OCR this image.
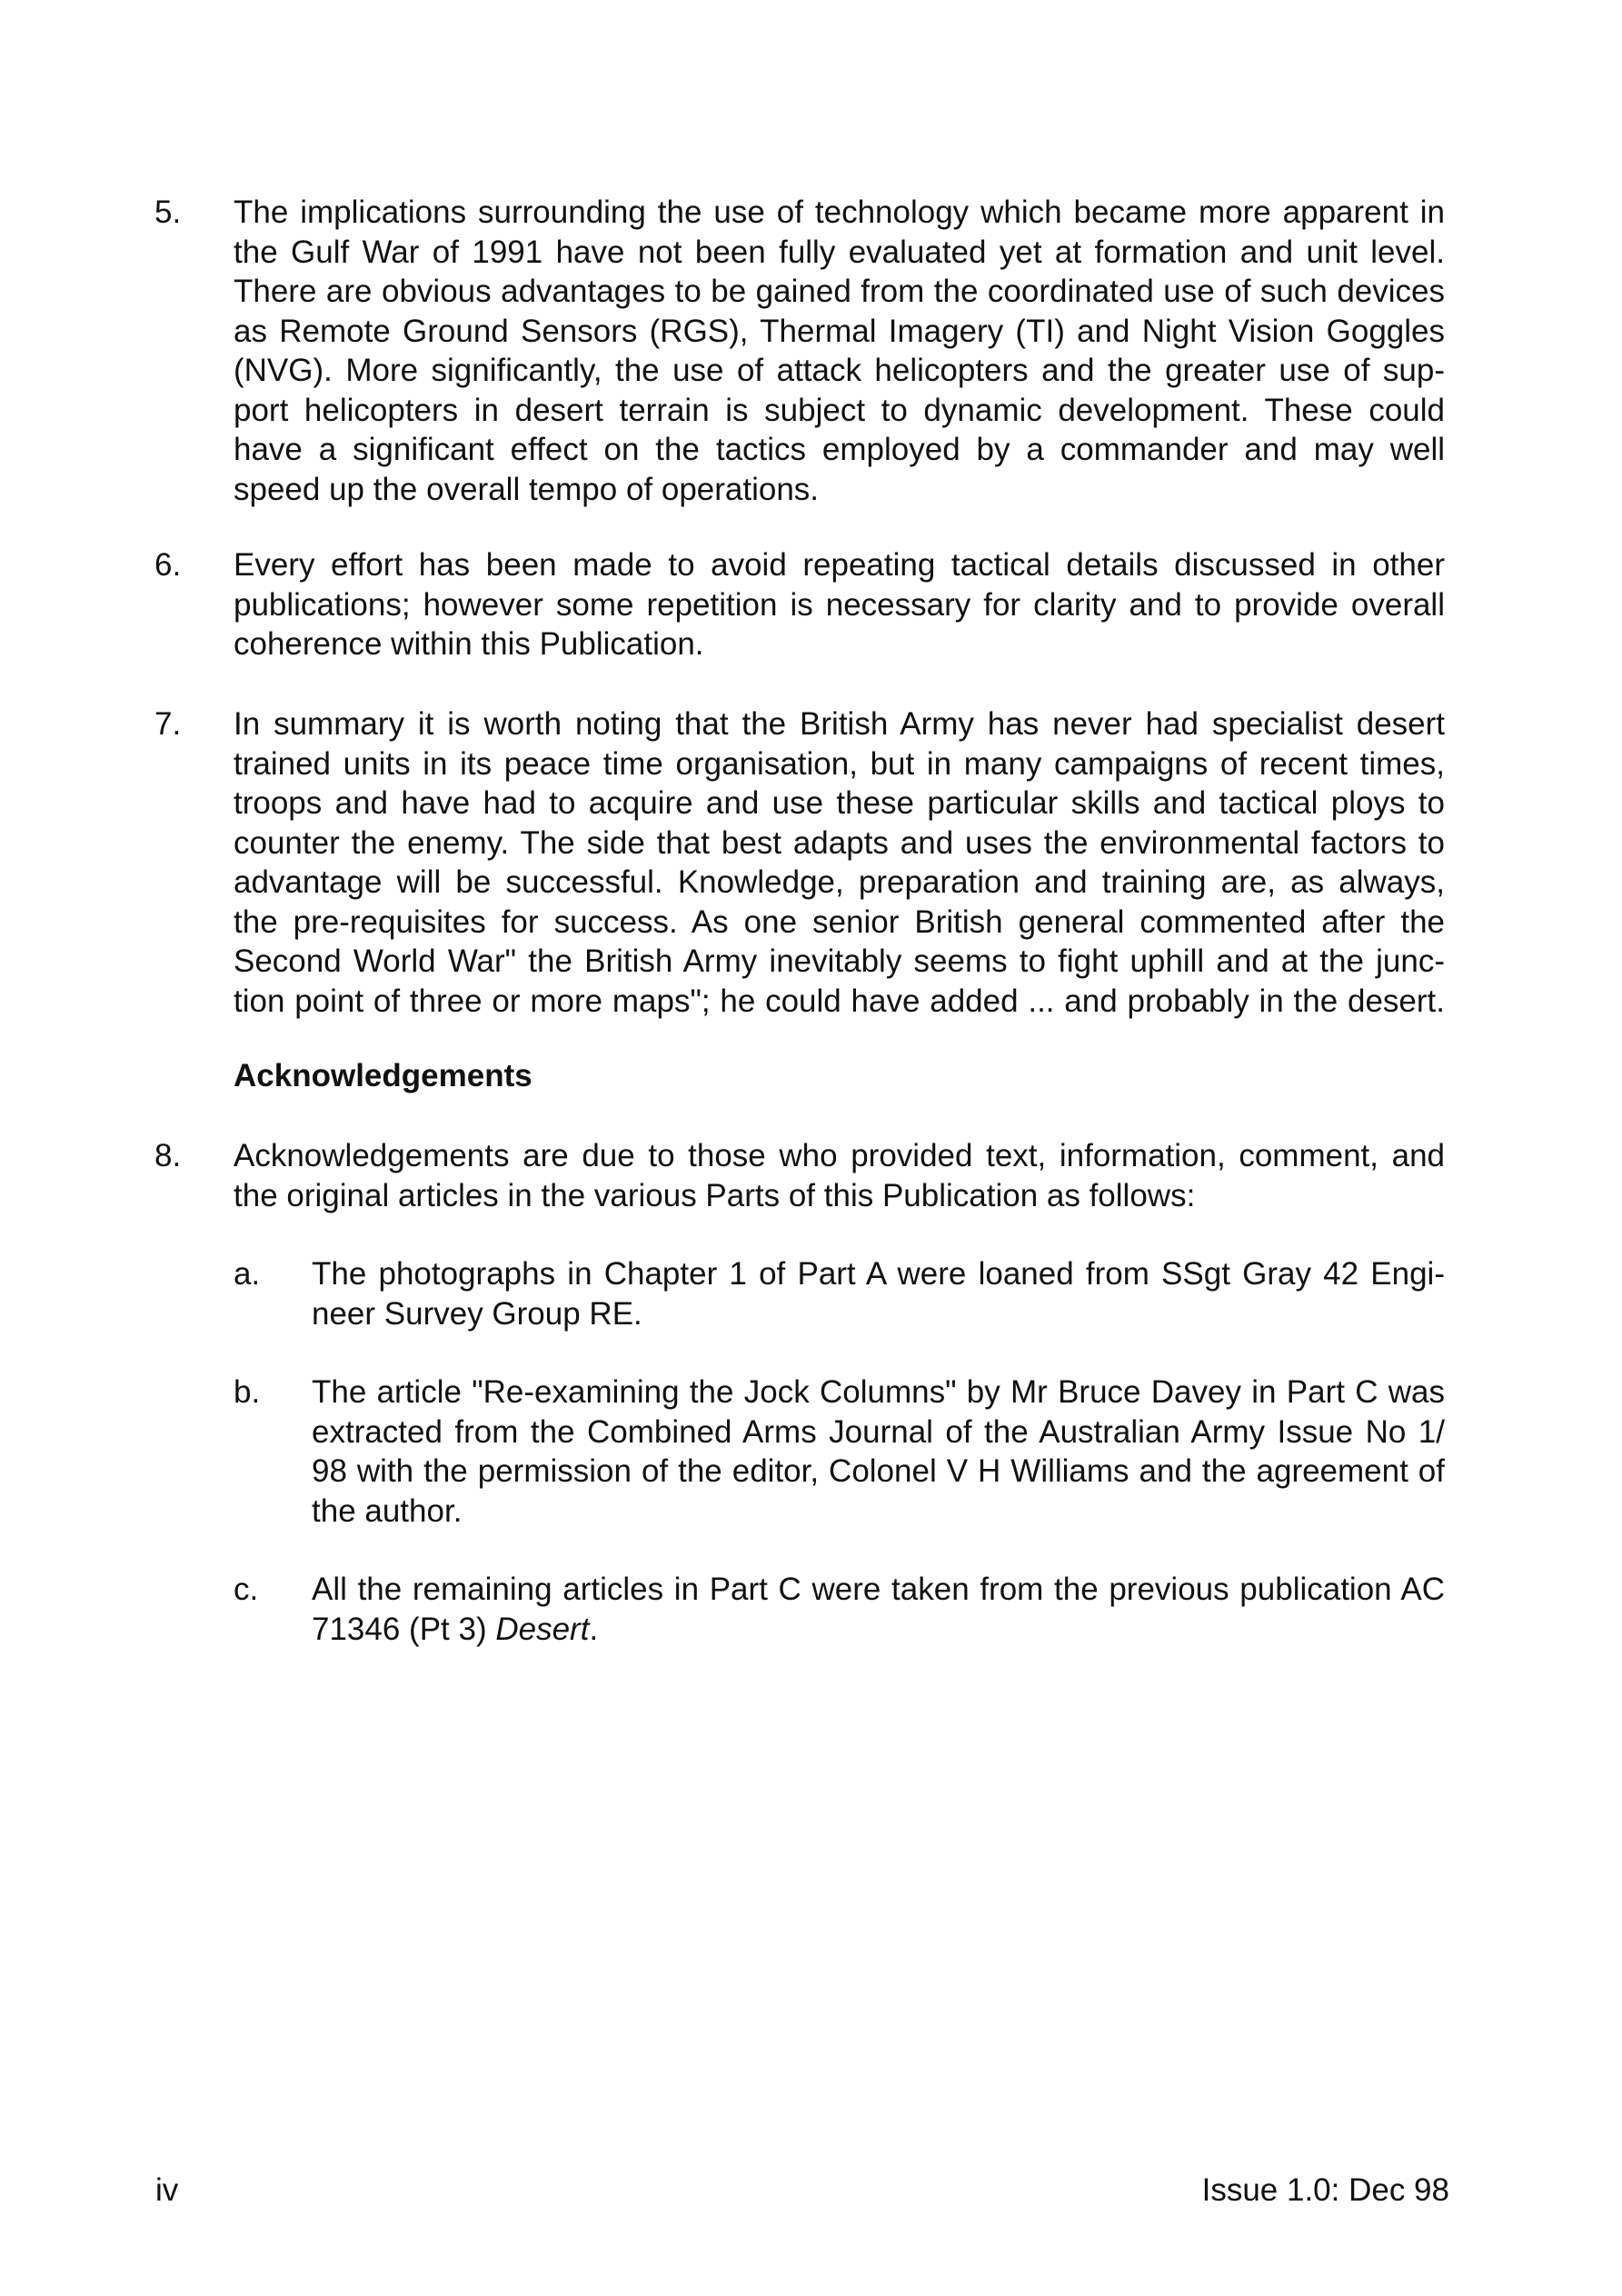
5.	The implications surrounding the use of technology which became more apparent in
the Gulf War of 1991 have not been fully evaluated yet at formation and unit level.
There are obvious advantages to be gained from the coordinated use of such devices
as Remote Ground Sensors (RGS), Thermal Imagery (TI) and Night Vision Goggles
(NVG). More significantly, the use of attack helicopters and the greater use of sup-
port helicopters in desert terrain is subject to dynamic development. These could
have a significant effect on the tactics employed by a commander and may well
speed up the overall tempo of operations.
6.	Every effort has been made to avoid repeating tactical details discussed in other
publications; however some repetition is necessary for clarity and to provide overall
coherence within this Publication.
7.	In summary it is worth noting that the British Army has never had specialist desert
trained units in its peace time organisation, but in many campaigns of recent times,
troops and have had to acquire and use these particular skills and tactical ploys to
counter the enemy. The side that best adapts and uses the environmental factors to
advantage will be successful. Knowledge, preparation and training are, as always,
the pre-requisites for success. As one senior British general commented after the
Second World War" the British Army inevitably seems to fight uphill and at the junc-
tion point of three or more maps"; he could have added ... and probably in the desert.
Acknowledgements
8.	Acknowledgements are due to those who provided text, information, comment, and
the original articles in the various Parts of this Publication as follows:
a.	The photographs in Chapter 1 of Part A were loaned from SSgt Gray 42 Engi-
neer Survey Group RE.
b.	The article "Re-examining the Jock Columns" by Mr Bruce Davey in Part C was
extracted from the Combined Arms Journal of the Australian Army Issue No 1/
98 with the permission of the editor, Colonel V H Williams and the agreement of
the author.
c.	All the remaining articles in Part C were taken from the previous publication AC
71346 (Pt 3) Desert.
iv	Issue 1.0: Dec 98
